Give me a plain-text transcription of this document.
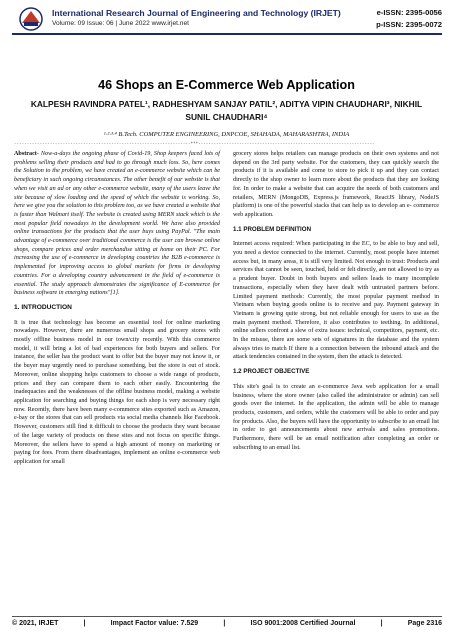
International Research Journal of Engineering and Technology (IRJET)	e-ISSN: 2395-0056
Volume: 09 Issue: 06 | June 2022 www.irjet.net	p-ISSN: 2395-0072
46 Shops an E-Commerce Web Application
KALPESH RAVINDRA PATEL¹, RADHESHYAM SANJAY PATIL², ADITYA VIPIN CHAUDHARI³, NIKHIL SUNIL CHAUDHARI⁴
¹·²·³·⁴ B.Tech. COMPUTER ENGINEERING, DNPCOE, SHAHADA, MAHARASHTRA, INDIA
---------------------------------------------------------------------***---------------------------------------------------------------------

Abstract- Now-a-days the ongoing phase of Covid-19, Shop keepers faced lots of problems selling their products and had to go through much loss. So, here comes the Solution to the problem, we have created an e-commerce website which can be beneficiary in such ongoing circumstances. The other benefit of our website is that when we visit an ad or any other e-commerce website, many of the users leave the site because of slow loading and the speed of which the website is working. So, here we give you the solution to this problem too, as we have created a website that is faster than Walmart itself. The website is created using MERN stack which is the most popular field nowadays in the development world. We have also provided online transactions for the products that the user buys using PayPal. "The main advantage of e-commerce over traditional commerce is the user can browse online shops, compare prices and order merchandise sitting at home on their PC. For increasing the use of e-commerce in developing countries the B2B e-commerce is implemented for improving access to global markets for firms in developing countries. For a developing country advancement in the field of e-commerce is essential. The study approach demonstrates the significance of E-commerce for business software in emerging nations"[1].

1. INTRODUCTION

It is true that technology has become an essential tool for online marketing nowadays. However, there are numerous small shops and grocery stores with mostly offline business model in our town/city recently. With this commerce model, it will bring a lot of bad experiences for both buyers and sellers. For instance, the seller has the product want to offer but the buyer may not know it, or the buyer may urgently need to purchase something, but the store is out of stock. Moreover, online shopping helps customers to choose a wide range of products, prices and they can compare them to each other easily. Encountering the inadequacies and the weaknesses of the offline business model, making a website application for searching and buying things for each shop is very necessary right now. Recently, there have been many e-commerce sites exported such as Amazon, e-bay or the stores that can sell products via social media channels like Facebook. However, customers still find it difficult to choose the products they want because of the large variety of products on these sites and not focus on specific things. Moreover, the sellers have to spend a high amount of money on marketing or paying for fees. From there disadvantages, implement an online e-commerce web application for small

grocery stores helps retailers can manage products on their own systems and not depend on the 3rd party website. For the customers, they can quickly search the products if it is available and come to store to pick it up and they can contact directly to the shop owner to learn more about the products that they are looking for. In order to make a website that can acquire the needs of both customers and retailers, MERN (MongoDB, Express.js framework, ReactJS library, NodeJS platform) is one of the powerful stacks that can help us to develop an e- commerce web application.

1.1 PROBLEM DEFINITION

Internet access required: When participating in the EC, to be able to buy and sell, you need a device connected to the internet. Currently, most people have internet access but, in many areas, it is still very limited. Not enough to trust: Products and services that cannot be seen, touched, held or felt directly, are not allowed to try as a prudent buyer. Doubt in both buyers and sellers leads to many incomplete transactions, especially when they have dealt with untrusted partners before. Limited payment methods: Currently, the most popular payment method in Vietnam when buying goods online is to receive and pay. Payment gateway in Vietnam is growing quite strong, but not reliable enough for users to use as the main payment method. Therefore, it also contributes to teething. In additional, online sellers confront a slew of extra issues: technical, competitors, payment, etc. In the misuse, there are some sets of signatures in the database and the system always tries to match If there is a connection between the inbound attack and the attack tendencies contained in the system, then the attack is detected.

1.2 PROJECT OBJECTIVE

This site's goal is to create an e-commerce Java web application for a small business, where the store owner (also called the administrator or admin) can sell goods over the internet. In the application, the admin will be able to manage products, customers, and orders, while the customers will be able to order and pay for products. Also, the buyers will have the opportunity to subscribe to an email list in order to get announcements about new arrivals and sales promotions. Furthermore, there will be an email notification after completing an order or subscribing to an email list.

© 2021, IRJET	|	Impact Factor value: 7.529	|	ISO 9001:2008 Certified Journal	|	Page 2316
